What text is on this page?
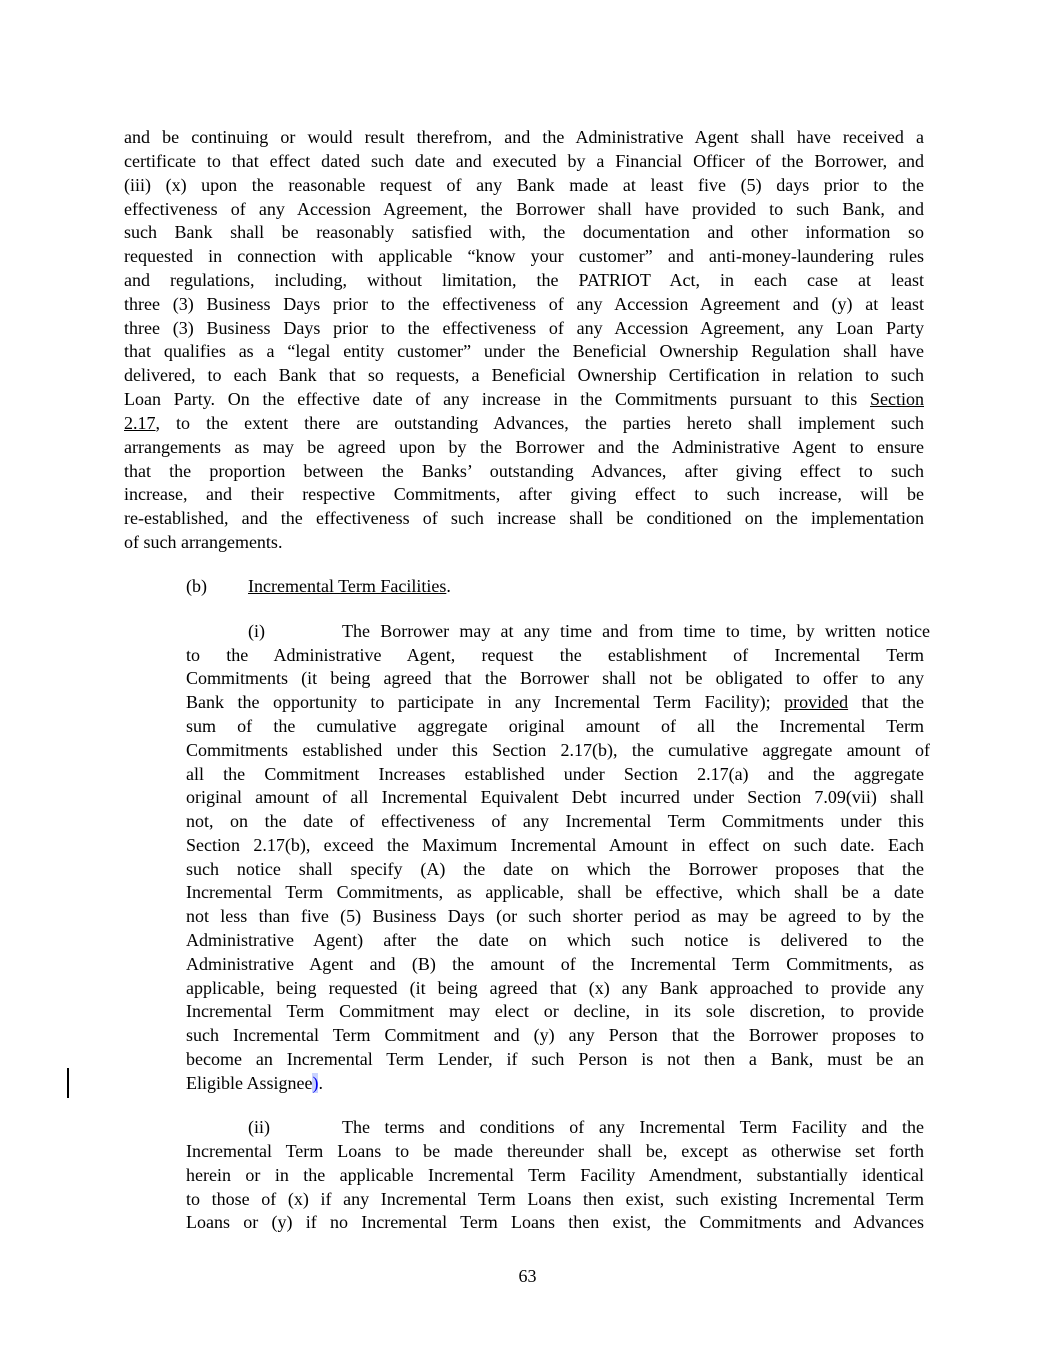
and be continuing or would result therefrom, and the Administrative Agent shall have received a
certificate to that effect dated such date and executed by a Financial Officer of the Borrower, and
(iii) (x) upon the reasonable request of any Bank made at least five (5) days prior to the
effectiveness of any Accession Agreement, the Borrower shall have provided to such Bank, and
such Bank shall be reasonably satisfied with, the documentation and other information so
requested in connection with applicable “know your customer” and anti-money-laundering rules
and regulations, including, without limitation, the PATRIOT Act, in each case at least
three (3) Business Days prior to the effectiveness of any Accession Agreement and (y) at least
three (3) Business Days prior to the effectiveness of any Accession Agreement, any Loan Party
that qualifies as a “legal entity customer” under the Beneficial Ownership Regulation shall have
delivered, to each Bank that so requests, a Beneficial Ownership Certification in relation to such
Loan Party. On the effective date of any increase in the Commitments pursuant to this Section
2.17, to the extent there are outstanding Advances, the parties hereto shall implement such
arrangements as may be agreed upon by the Borrower and the Administrative Agent to ensure
that the proportion between the Banks’ outstanding Advances, after giving effect to such
increase, and their respective Commitments, after giving effect to such increase, will be
re-established, and the effectiveness of such increase shall be conditioned on the implementation
of such arrangements.
(b) Incremental Term Facilities.
(i)	The Borrower may at any time and from time to time, by written notice
to the Administrative Agent, request the establishment of Incremental Term
Commitments (it being agreed that the Borrower shall not be obligated to offer to any
Bank the opportunity to participate in any Incremental Term Facility); provided that the
sum of the cumulative aggregate original amount of all the Incremental Term
Commitments established under this Section 2.17(b), the cumulative aggregate amount of
all the Commitment Increases established under Section 2.17(a) and the aggregate
original amount of all Incremental Equivalent Debt incurred under Section 7.09(vii) shall
not, on the date of effectiveness of any Incremental Term Commitments under this
Section 2.17(b), exceed the Maximum Incremental Amount in effect on such date. Each
such notice shall specify (A) the date on which the Borrower proposes that the
Incremental Term Commitments, as applicable, shall be effective, which shall be a date
not less than five (5) Business Days (or such shorter period as may be agreed to by the
Administrative Agent) after the date on which such notice is delivered to the
Administrative Agent and (B) the amount of the Incremental Term Commitments, as
applicable, being requested (it being agreed that (x) any Bank approached to provide any
Incremental Term Commitment may elect or decline, in its sole discretion, to provide
such Incremental Term Commitment and (y) any Person that the Borrower proposes to
become an Incremental Term Lender, if such Person is not then a Bank, must be an
Eligible Assignee).
(ii)	The terms and conditions of any Incremental Term Facility and the
Incremental Term Loans to be made thereunder shall be, except as otherwise set forth
herein or in the applicable Incremental Term Facility Amendment, substantially identical
to those of (x) if any Incremental Term Loans then exist, such existing Incremental Term
Loans or (y) if no Incremental Term Loans then exist, the Commitments and Advances
63
